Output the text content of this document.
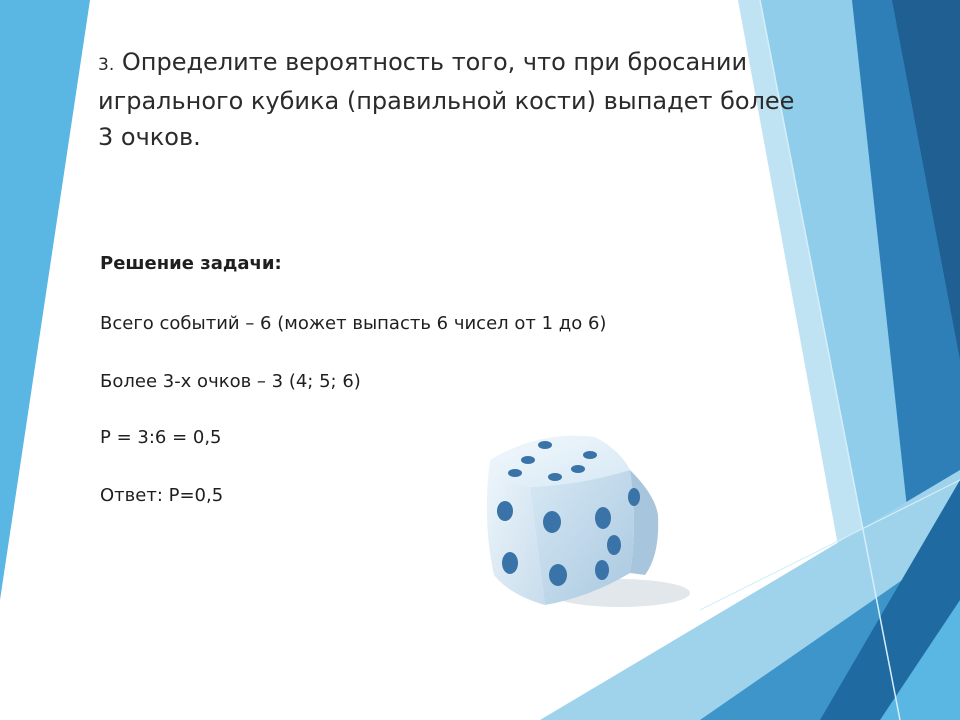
3. Определите вероятность того, что при бросании игрального кубика (правильной кости) выпадет более 3 очков.

Решение задачи:

Всего событий – 6 (может выпасть 6 чисел от 1 до 6)

Более 3-х очков – 3 (4; 5; 6)

P = 3:6 = 0,5

Ответ: P=0,5
